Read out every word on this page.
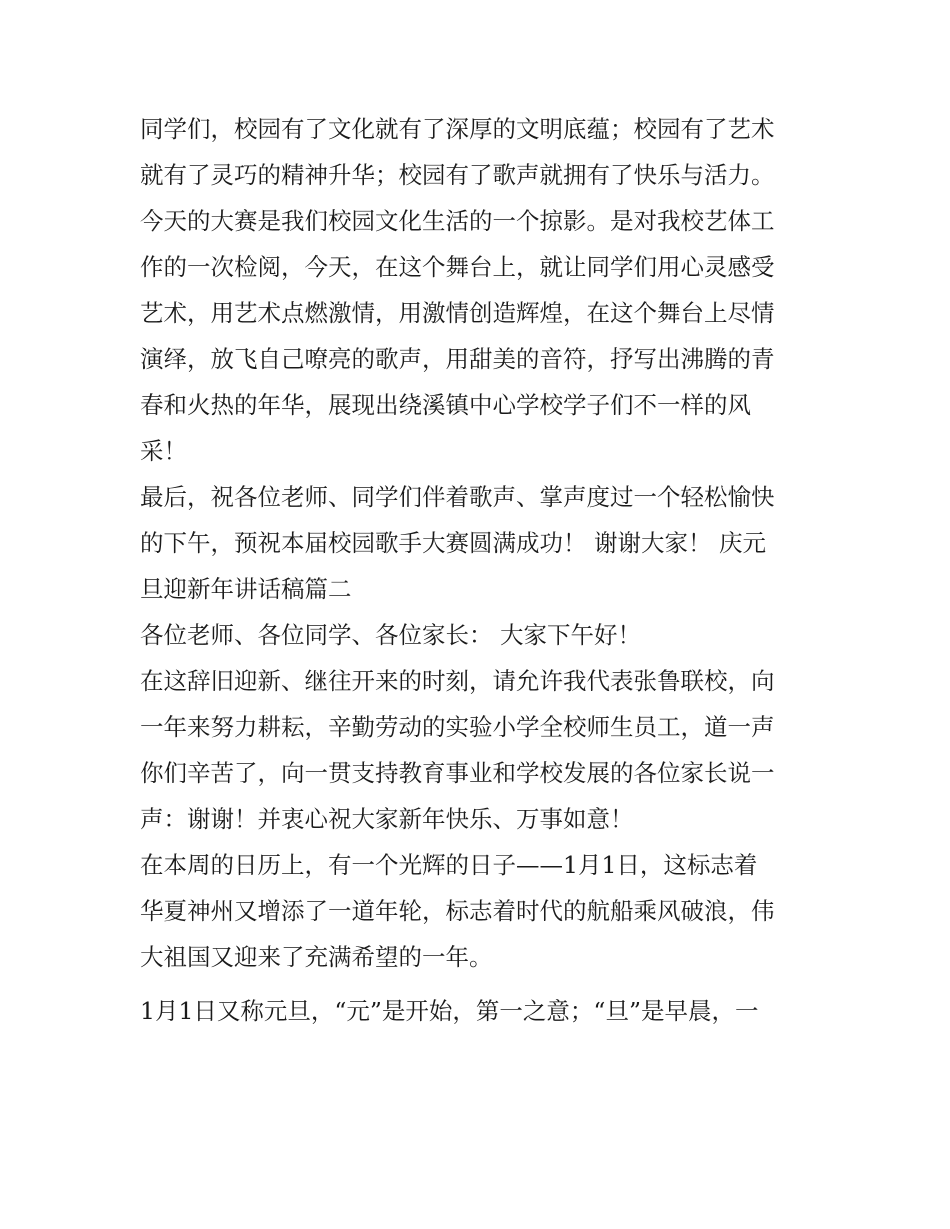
同学们，校园有了文化就有了深厚的文明底蕴；校园有了艺术
就有了灵巧的精神升华；校园有了歌声就拥有了快乐与活力。
今天的大赛是我们校园文化生活的一个掠影。是对我校艺体工
作的一次检阅，今天，在这个舞台上，就让同学们用心灵感受
艺术，用艺术点燃激情，用激情创造辉煌，在这个舞台上尽情
演绎，放飞自己嘹亮的歌声，用甜美的音符，抒写出沸腾的青
春和火热的年华，展现出绕溪镇中心学校学子们不一样的风
采！
最后，祝各位老师、同学们伴着歌声、掌声度过一个轻松愉快
的下午，预祝本届校园歌手大赛圆满成功！ 谢谢大家！ 庆元
旦迎新年讲话稿篇二
各位老师、各位同学、各位家长： 大家下午好！
在这辞旧迎新、继往开来的时刻，请允许我代表张鲁联校，向
一年来努力耕耘，辛勤劳动的实验小学全校师生员工，道一声
你们辛苦了，向一贯支持教育事业和学校发展的各位家长说一
声：谢谢！并衷心祝大家新年快乐、万事如意！
在本周的日历上，有一个光辉的日子——1月1日，这标志着
华夏神州又增添了一道年轮，标志着时代的航船乘风破浪，伟
大祖国又迎来了充满希望的一年。
1月1日又称元旦，“元”是开始，第一之意；“旦”是早晨，一
